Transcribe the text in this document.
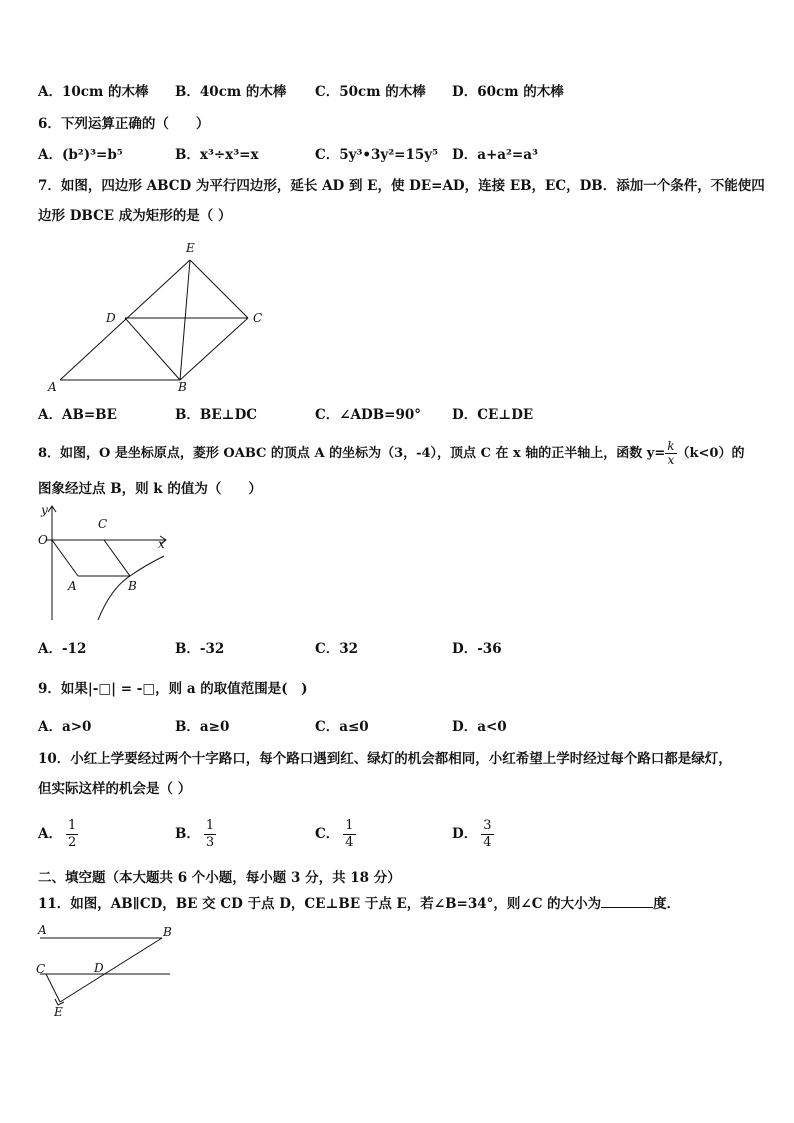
A．10cm 的木棒 B．40cm 的木棒 C．50cm 的木棒 D．60cm 的木棒
6．下列运算正确的（　　）
A．(b²)³=b⁵	B．x³÷x³=x	C．5y³•3y²=15y⁵ D．a+a²=a³
7．如图，四边形 ABCD 为平行四边形，延长 AD 到 E，使 DE=AD，连接 EB，EC，DB．添加一个条件，不能使四
边形 DBCE 成为矩形的是（ ）
E
D	C
A	B
A．AB=BE	B．BE⊥DC	C．∠ADB=90° D．CE⊥DE
8．如图，O 是坐标原点，菱形 OABC 的顶点 A 的坐标为（3，-4），顶点 C 在 x 轴的正半轴上，函数 $y= \frac{k}{x} (k<0)$的
图象经过点 B，则 k 的值为（　　）
y
O
C
x
A	B
A．-12	B．-32	C．32	D．-36
9．如果|-□| = -□，则 a 的取值范围是(　)
A．a>0	B．a≥0	C．a≤0	D．a<0
10．小红上学要经过两个十字路口，每个路口遇到红、绿灯的机会都相同，小红希望上学时经过每个路口都是绿灯，
但实际这样的机会是（ ）
A． $\frac{1}{2}$	B． $\frac{1}{3}$	C． $\frac{1}{4}$	D． $\frac{3}{4}$
二、填空题（本大题共 6 个小题，每小题 3 分，共 18 分）
11．如图，AB∥CD，BE 交 CD 于点 D，CE⊥BE 于点 E，若∠B=34°，则∠C 的大小为	度．
A	B
C	D
E
